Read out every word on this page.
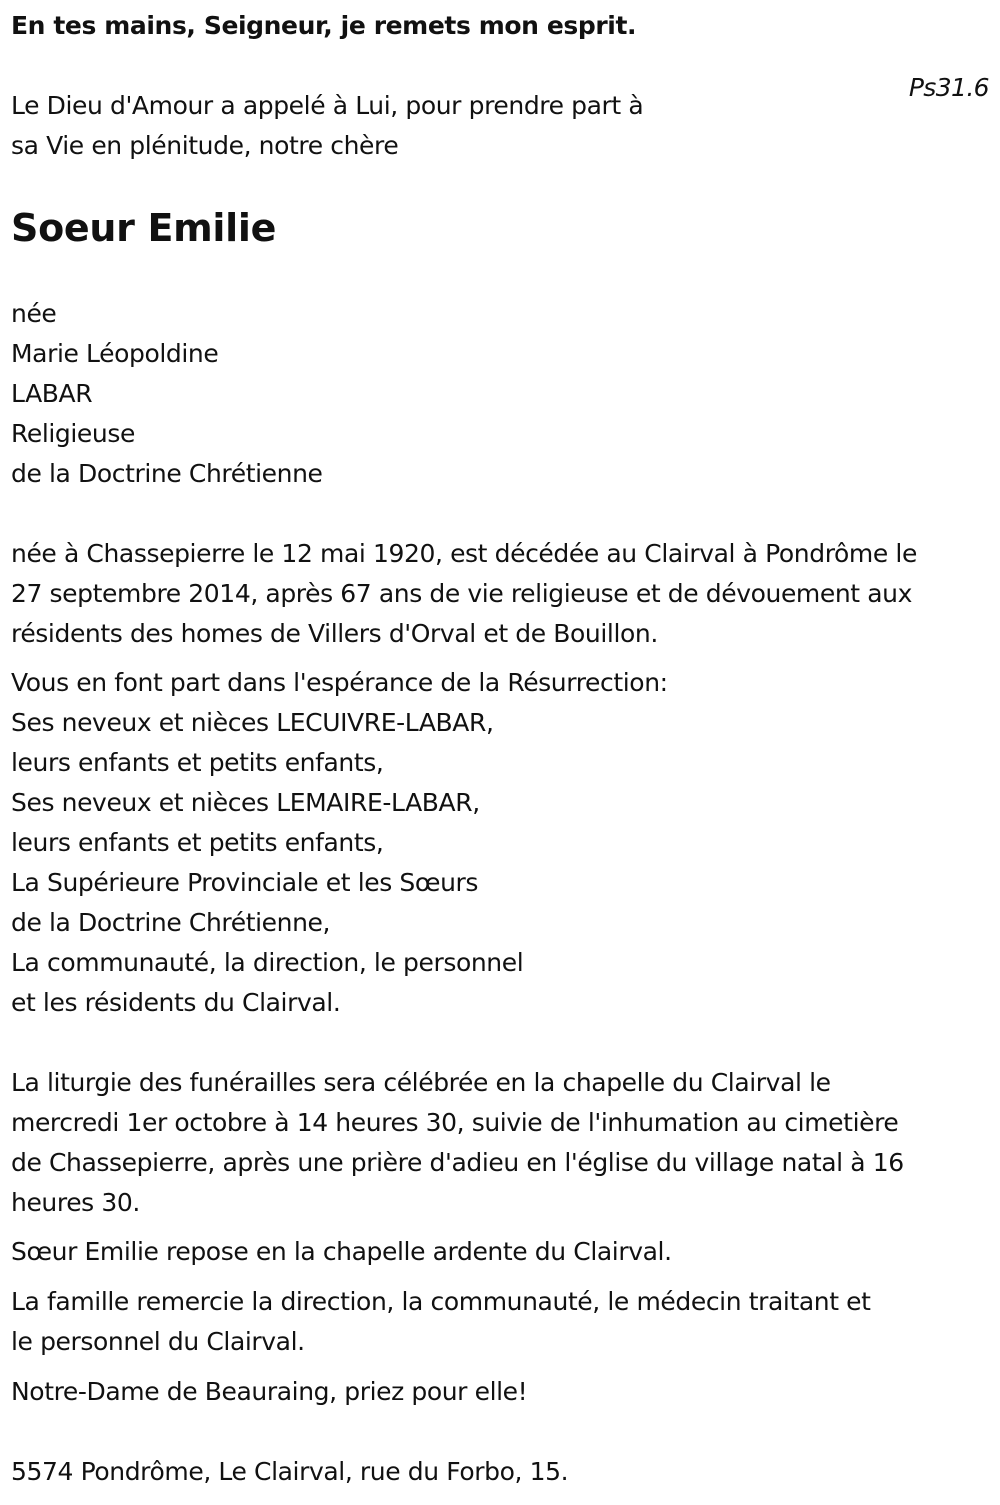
En tes mains, Seigneur, je remets mon esprit.
Ps31.6

Le Dieu d'Amour a appelé à Lui, pour prendre part à

sa Vie en plénitude, notre chère

Soeur Emilie

née

Marie Léopoldine

LABAR

Religieuse

de la Doctrine Chrétienne

née à Chassepierre le 12 mai 1920, est décédée au Clairval à Pondrôme le

27 septembre 2014, après 67 ans de vie religieuse et de dévouement aux

résidents des homes de Villers d'Orval et de Bouillon.

Vous en font part dans l'espérance de la Résurrection:

Ses neveux et nièces LECUIVRE-LABAR,

leurs enfants et petits enfants,

Ses neveux et nièces LEMAIRE-LABAR,

leurs enfants et petits enfants,

La Supérieure Provinciale et les Sœurs

de la Doctrine Chrétienne,

La communauté, la direction, le personnel

et les résidents du Clairval.

La liturgie des funérailles sera célébrée en la chapelle du Clairval le

mercredi 1er octobre à 14 heures 30, suivie de l'inhumation au cimetière

de Chassepierre, après une prière d'adieu en l'église du village natal à 16

heures 30.

Sœur Emilie repose en la chapelle ardente du Clairval.

La famille remercie la direction, la communauté, le médecin traitant et

le personnel du Clairval.

Notre-Dame de Beauraing, priez pour elle!

5574 Pondrôme, Le Clairval, rue du Forbo, 15.
